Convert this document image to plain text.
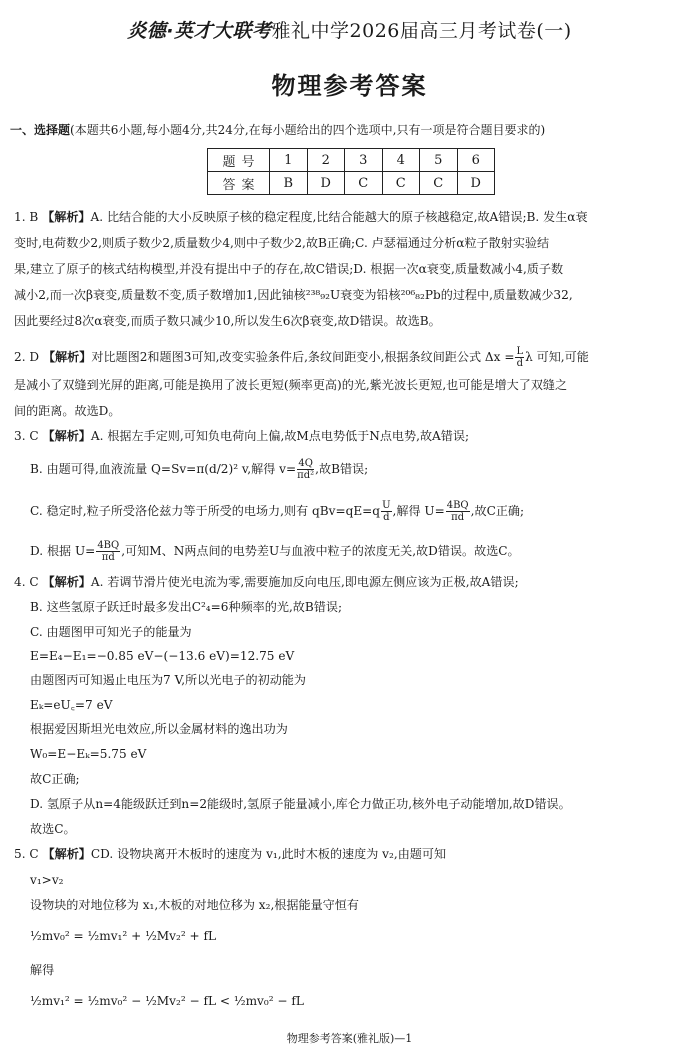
炎德·英才大联考雅礼中学2026届高三月考试卷(一)
物理参考答案
一、选择题(本题共6小题,每小题4分,共24分,在每小题给出的四个选项中,只有一项是符合题目要求的)
题号	1	2	3	4	5	6
答案	B	D	C	C	C	D
1. B 【解析】A. 比结合能的大小反映原子核的稳定程度,比结合能越大的原子核越稳定,故A错误;B. 发生α衰
变时,电荷数少2,则质子数少2,质量数少4,则中子数少2,故B正确;C. 卢瑟福通过分析α粒子散射实验结
果,建立了原子的核式结构模型,并没有提出中子的存在,故C错误;D. 根据一次α衰变,质量数减小4,质子数
减小2,而一次β衰变,质量数不变,质子数增加1,因此铀核²³⁸₉₂U衰变为铅核²⁰⁶₈₂Pb的过程中,质量数减少32,
因此要经过8次α衰变,而质子数只减少10,所以发生6次β衰变,故D错误。故选B。
2. D 【解析】对比题图2和题图3可知,改变实验条件后,条纹间距变小,根据条纹间距公式 $\Delta x = \frac{L}{d}$ λ 可知,可能
是减小了双缝到光屏的距离,可能是换用了波长更短(频率更高)的光,紫光波长更短,也可能是增大了双缝之
间的距离。故选D。
3. C 【解析】A. 根据左手定则,可知负电荷向上偏,故M点电势低于N点电势,故A错误;
B. 由题可得,血液流量 Q=Sv=π(d/2)² v,解得 $v= \frac{4Q}{\text{πd²}}$ ,故B错误;
C. 稳定时,粒子所受洛伦兹力等于所受的电场力,则有 $qBv=qE=q \frac{U}{d}$ ,解得 $U= \frac{4BQ}{\pi d}$ ,故C正确;
D. 根据 $U= \frac{4BQ}{\pi d}$ ,可知M、N两点间的电势差U与血液中粒子的浓度无关,故D错误。故选C。
4. C 【解析】A. 若调节滑片使光电流为零,需要施加反向电压,即电源左侧应该为正极,故A错误;
B. 这些氢原子跃迁时最多发出C²₄=6种频率的光,故B错误;
C. 由题图甲可知光子的能量为
E=E₄−E₁=−0.85 eV−(−13.6 eV)=12.75 eV
由题图丙可知遏止电压为7 V,所以光电子的初动能为
Eₖ=eU꜀=7 eV
根据爱因斯坦光电效应,所以金属材料的逸出功为
W₀=E−Eₖ=5.75 eV
故C正确;
D. 氢原子从n=4能级跃迁到n=2能级时,氢原子能量减小,库仑力做正功,核外电子动能增加,故D错误。
故选C。
5. C 【解析】CD. 设物块离开木板时的速度为 v₁,此时木板的速度为 v₂,由题可知
v₁>v₂
设物块的对地位移为 x₁,木板的对地位移为 x₂,根据能量守恒有
½mv₀² = ½mv₁² + ½Mv₂² + fL
解得
½mv₁² = ½mv₀² − ½Mv₂² − fL < ½mv₀² − fL
物理参考答案(雅礼版)—1
